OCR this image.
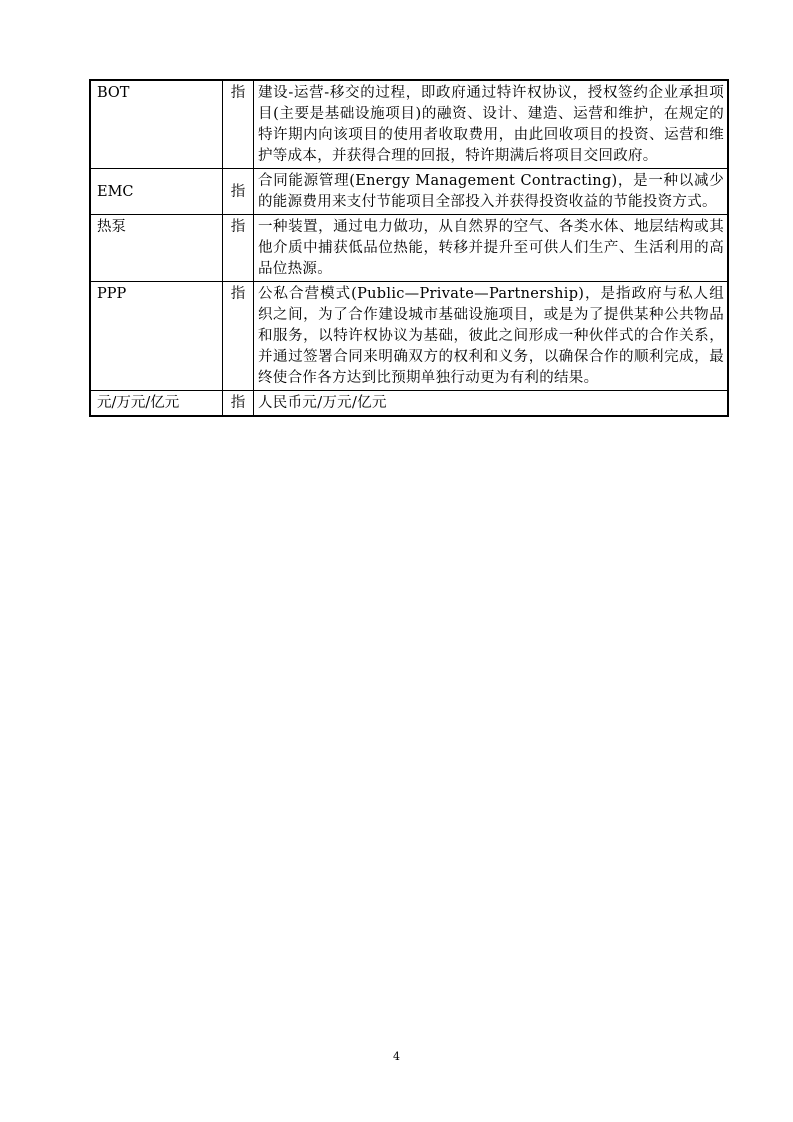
BOT	指	建设-运营-移交的过程，即政府通过特许权协议，授权签约企业承担项目(主要是基础设施项目)的融资、设计、建造、运营和维护，在规定的特许期内向该项目的使用者收取费用，由此回收项目的投资、运营和维护等成本，并获得合理的回报，特许期满后将项目交回政府。
EMC	指	合同能源管理(Energy Management Contracting)，是一种以减少的能源费用来支付节能项目全部投入并获得投资收益的节能投资方式。
热泵	指	一种装置，通过电力做功，从自然界的空气、各类水体、地层结构或其他介质中捕获低品位热能，转移并提升至可供人们生产、生活利用的高品位热源。
PPP	指	公私合营模式(Public—Private—Partnership)，是指政府与私人组织之间，为了合作建设城市基础设施项目，或是为了提供某种公共物品和服务，以特许权协议为基础，彼此之间形成一种伙伴式的合作关系，并通过签署合同来明确双方的权利和义务，以确保合作的顺利完成，最终使合作各方达到比预期单独行动更为有利的结果。
元/万元/亿元	指	人民币元/万元/亿元
4
